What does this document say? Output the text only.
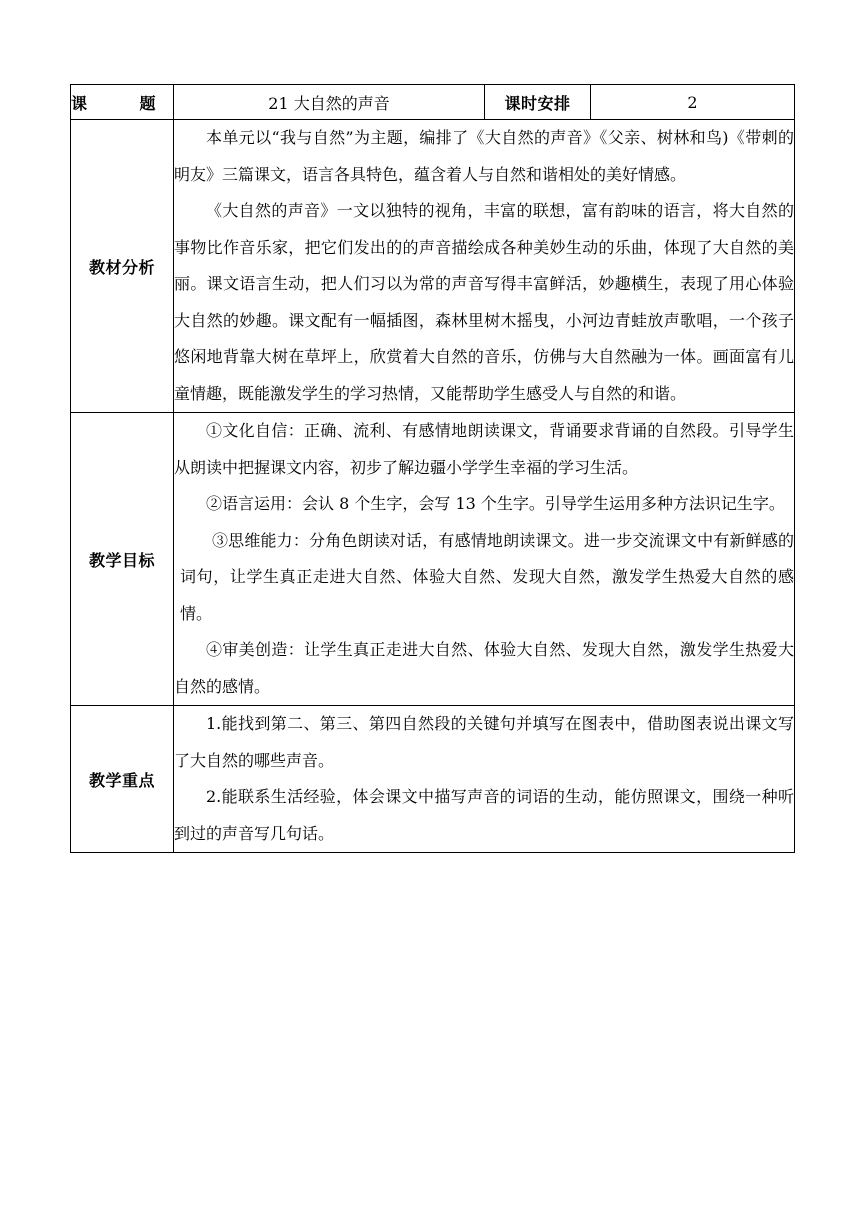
课 题	21 大自然的声音	课时安排	2
教材分析	本单元以“我与自然”为主题，编排了《大自然的声音》《父亲、树林和鸟)《带刺的明友》三篇课文，语言各具特色，蕴含着人与自然和谐相处的美好情感。

《大自然的声音》一文以独特的视角，丰富的联想，富有韵味的语言，将大自然的事物比作音乐家，把它们发出的的声音描绘成各种美妙生动的乐曲，体现了大自然的美丽。课文语言生动，把人们习以为常的声音写得丰富鲜活，妙趣横生，表现了用心体验大自然的妙趣。课文配有一幅插图，森林里树木摇曳，小河边青蛙放声歌唱，一个孩子悠闲地背靠大树在草坪上，欣赏着大自然的音乐，仿佛与大自然融为一体。画面富有儿童情趣，既能激发学生的学习热情，又能帮助学生感受人与自然的和谐。		

教学目标	①文化自信：正确、流利、有感情地朗读课文，背诵要求背诵的自然段。引导学生从朗读中把握课文内容，初步了解边疆小学学生幸福的学习生活。

②语言运用：会认 8 个生字，会写 13 个生字。引导学生运用多种方法识记生字。

③思维能力：分角色朗读对话，有感情地朗读课文。进一步交流课文中有新鲜感的词句，让学生真正走进大自然、体验大自然、发现大自然，激发学生热爱大自然的感情。

④审美创造：让学生真正走进大自然、体验大自然、发现大自然，激发学生热爱大自然的感情。		

教学重点	1.能找到第二、第三、第四自然段的关键句并填写在图表中，借助图表说出课文写了大自然的哪些声音。

2.能联系生活经验，体会课文中描写声音的词语的生动，能仿照课文，围绕一种听到过的声音写几句话。		
